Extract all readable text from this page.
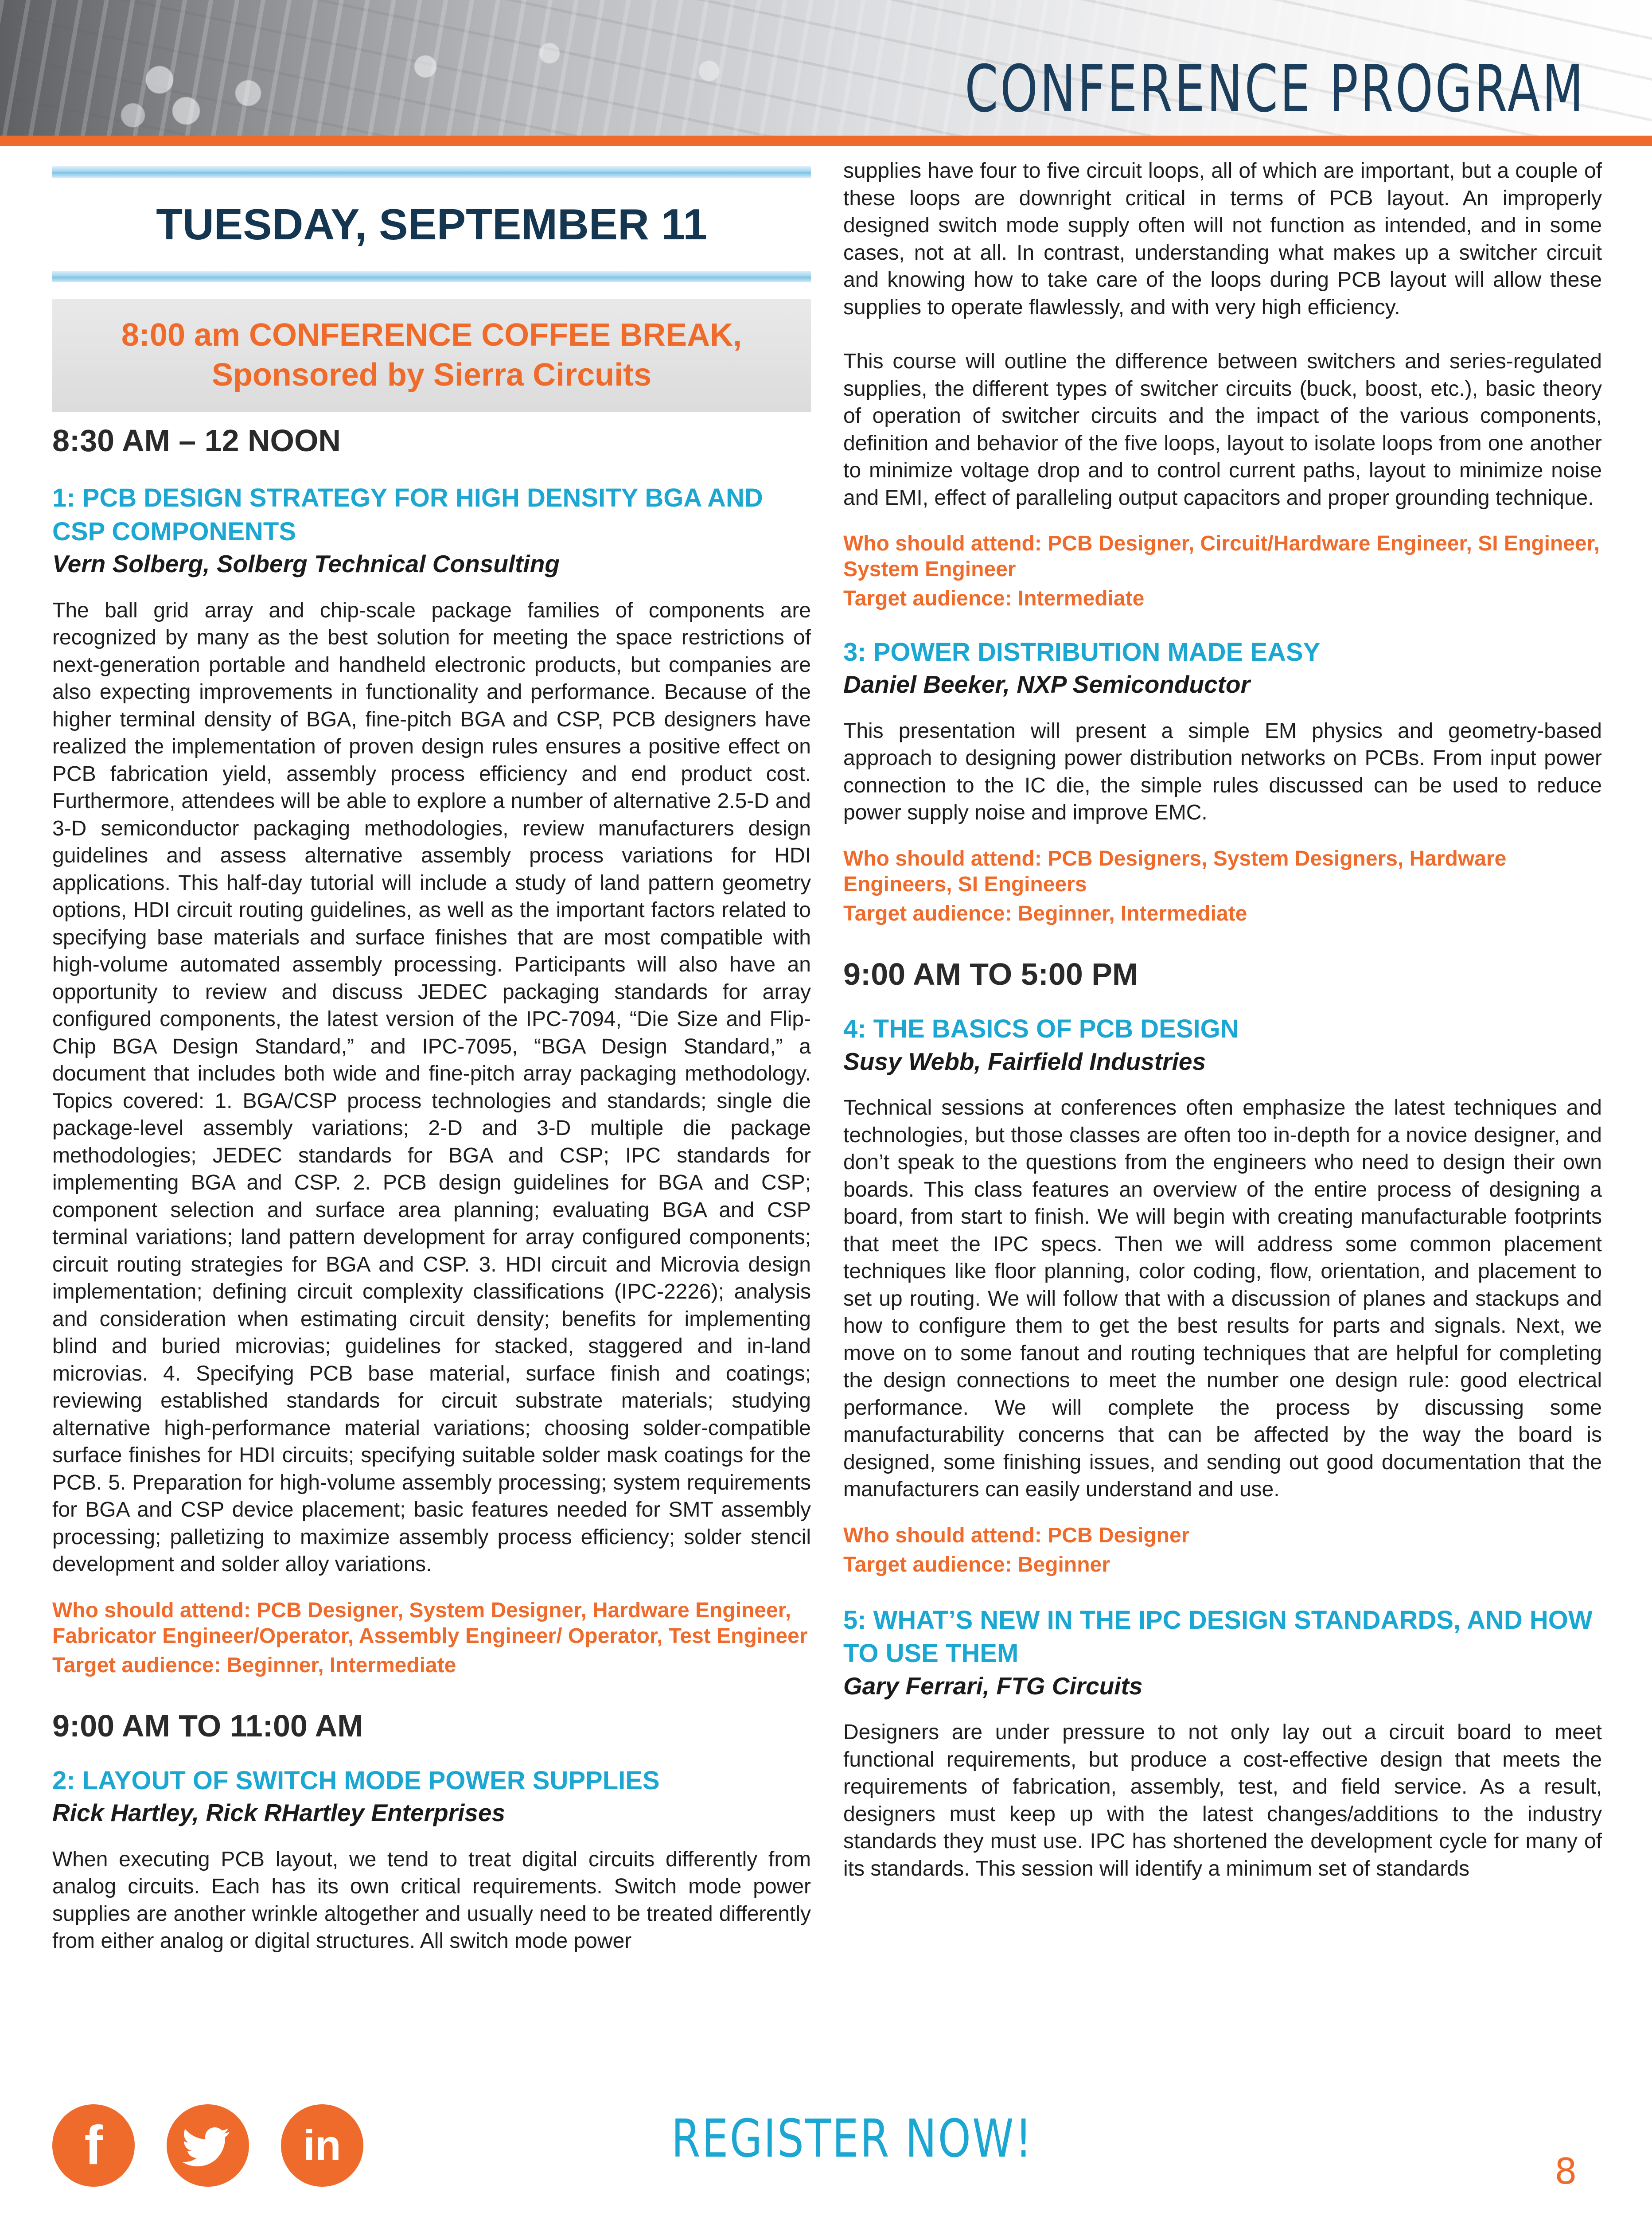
CONFERENCE PROGRAM
TUESDAY, SEPTEMBER 11
8:00 am CONFERENCE COFFEE BREAK,
Sponsored by Sierra Circuits
8:30 AM – 12 NOON
1: PCB DESIGN STRATEGY FOR HIGH DENSITY BGA AND CSP COMPONENTS
Vern Solberg, Solberg Technical Consulting

The ball grid array and chip-scale package families of components are recognized by many as the best solution for meeting the space restrictions of next-generation portable and handheld electronic products, but companies are also expecting improvements in functionality and performance. Because of the higher terminal density of BGA, fine-pitch BGA and CSP, PCB designers have realized the implementation of proven design rules ensures a positive effect on PCB fabrication yield, assembly process efficiency and end product cost. Furthermore, attendees will be able to explore a number of alternative 2.5-D and 3-D semiconductor packaging methodologies, review manufacturers design guidelines and assess alternative assembly process variations for HDI applications. This half-day tutorial will include a study of land pattern geometry options, HDI circuit routing guidelines, as well as the important factors related to specifying base materials and surface finishes that are most compatible with high-volume automated assembly processing. Participants will also have an opportunity to review and discuss JEDEC packaging standards for array configured components, the latest version of the IPC-7094, “Die Size and Flip-Chip BGA Design Standard,” and IPC-7095, “BGA Design Standard,” a document that includes both wide and fine-pitch array packaging methodology. Topics covered: 1. BGA/CSP process technologies and standards; single die package-level assembly variations; 2-D and 3-D multiple die package methodologies; JEDEC standards for BGA and CSP; IPC standards for implementing BGA and CSP. 2. PCB design guidelines for BGA and CSP; component selection and surface area planning; evaluating BGA and CSP terminal variations; land pattern development for array configured components; circuit routing strategies for BGA and CSP. 3. HDI circuit and Microvia design implementation; defining circuit complexity classifications (IPC-2226); analysis and consideration when estimating circuit density; benefits for implementing blind and buried microvias; guidelines for stacked, staggered and in-land microvias. 4. Specifying PCB base material, surface finish and coatings; reviewing established standards for circuit substrate materials; studying alternative high-performance material variations; choosing solder-compatible surface finishes for HDI circuits; specifying suitable solder mask coatings for the PCB. 5. Preparation for high-volume assembly processing; system requirements for BGA and CSP device placement; basic features needed for SMT assembly processing; palletizing to maximize assembly process efficiency; solder stencil development and solder alloy variations.

Who should attend: PCB Designer, System Designer, Hardware Engineer, Fabricator Engineer/Operator, Assembly Engineer/ Operator, Test Engineer
Target audience: Beginner, Intermediate
9:00 AM TO 11:00 AM
2: LAYOUT OF SWITCH MODE POWER SUPPLIES
Rick Hartley, Rick RHartley Enterprises

When executing PCB layout, we tend to treat digital circuits differently from analog circuits. Each has its own critical requirements. Switch mode power supplies are another wrinkle altogether and usually need to be treated differently from either analog or digital structures. All switch mode power

supplies have four to five circuit loops, all of which are important, but a couple of these loops are downright critical in terms of PCB layout. An improperly designed switch mode supply often will not function as intended, and in some cases, not at all. In contrast, understanding what makes up a switcher circuit and knowing how to take care of the loops during PCB layout will allow these supplies to operate flawlessly, and with very high efficiency.

This course will outline the difference between switchers and series-regulated supplies, the different types of switcher circuits (buck, boost, etc.), basic theory of operation of switcher circuits and the impact of the various components, definition and behavior of the five loops, layout to isolate loops from one another to minimize voltage drop and to control current paths, layout to minimize noise and EMI, effect of paralleling output capacitors and proper grounding technique.

Who should attend: PCB Designer, Circuit/Hardware Engineer, SI Engineer, System Engineer
Target audience: Intermediate
3: POWER DISTRIBUTION MADE EASY
Daniel Beeker, NXP Semiconductor

This presentation will present a simple EM physics and geometry-based approach to designing power distribution networks on PCBs. From input power connection to the IC die, the simple rules discussed can be used to reduce power supply noise and improve EMC.

Who should attend: PCB Designers, System Designers, Hardware Engineers, SI Engineers
Target audience: Beginner, Intermediate
9:00 AM TO 5:00 PM
4: THE BASICS OF PCB DESIGN
Susy Webb, Fairfield Industries

Technical sessions at conferences often emphasize the latest techniques and technologies, but those classes are often too in-depth for a novice designer, and don’t speak to the questions from the engineers who need to design their own boards. This class features an overview of the entire process of designing a board, from start to finish. We will begin with creating manufacturable footprints that meet the IPC specs. Then we will address some common placement techniques like floor planning, color coding, flow, orientation, and placement to set up routing. We will follow that with a discussion of planes and stackups and how to configure them to get the best results for parts and signals. Next, we move on to some fanout and routing techniques that are helpful for completing the design connections to meet the number one design rule: good electrical performance. We will complete the process by discussing some manufacturability concerns that can be affected by the way the board is designed, some finishing issues, and sending out good documentation that the manufacturers can easily understand and use.

Who should attend: PCB Designer
Target audience: Beginner
5: WHAT’S NEW IN THE IPC DESIGN STANDARDS, AND HOW TO USE THEM
Gary Ferrari, FTG Circuits

Designers are under pressure to not only lay out a circuit board to meet functional requirements, but produce a cost-effective design that meets the requirements of fabrication, assembly, test, and field service. As a result, designers must keep up with the latest changes/additions to the industry standards they must use. IPC has shortened the development cycle for many of its standards. This session will identify a minimum set of standards

f	in	REGISTER NOW!
8
